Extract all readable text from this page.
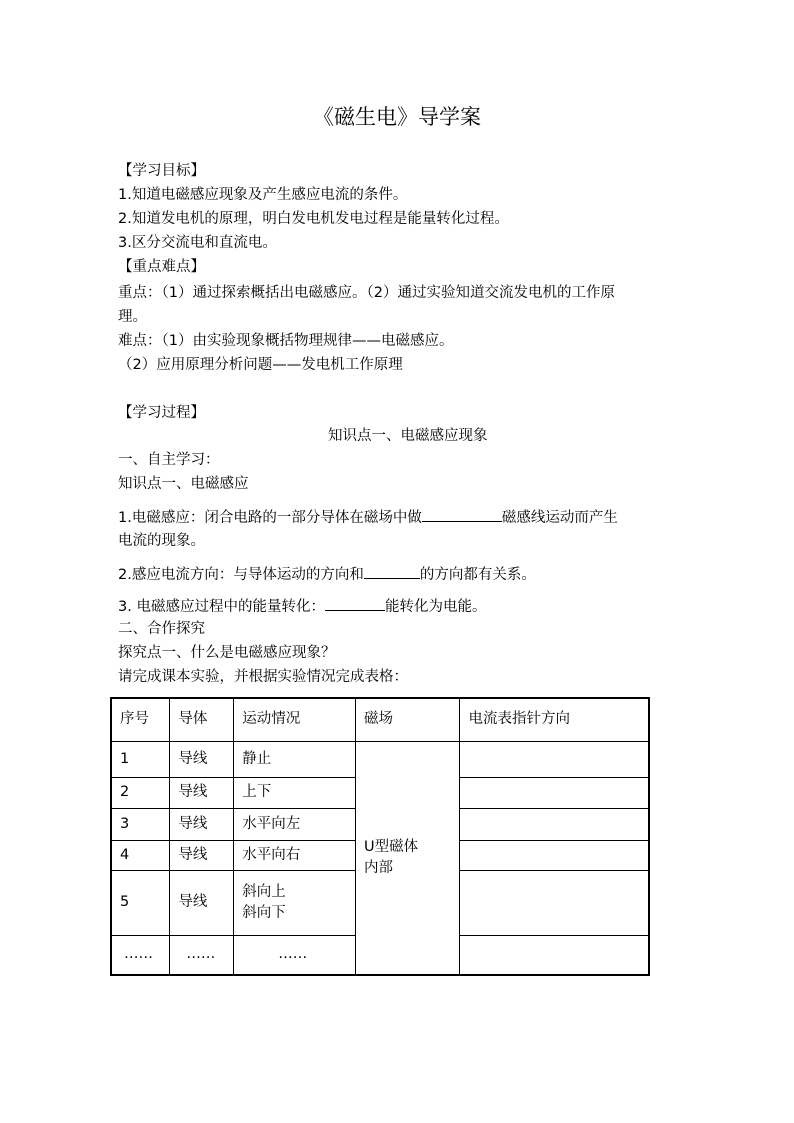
《磁生电》导学案
【学习目标】
1.知道电磁感应现象及产生感应电流的条件。
2.知道发电机的原理，明白发电机发电过程是能量转化过程。
3.区分交流电和直流电。
【重点难点】
重点：（1）通过探索概括出电磁感应。（2）通过实验知道交流发电机的工作原
理。
难点：（1）由实验现象概括物理规律——电磁感应。
（2）应用原理分析问题——发电机工作原理
【学习过程】
知识点一、电磁感应现象
一、自主学习：
知识点一、电磁感应
1.电磁感应：闭合电路的一部分导体在磁场中做	磁感线运动而产生
电流的现象。
2.感应电流方向：与导体运动的方向和	的方向都有关系。
3. 电磁感应过程中的能量转化：	能转化为电能。
二、合作探究
探究点一、什么是电磁感应现象？
请完成课本实验，并根据实验情况完成表格：
序号	导体	运动情况	磁场	电流表指针方向
1	导线	静止	U型磁体
内部	

2	导线	上下		
3	导线	水平向左		
4	导线	水平向右		
5	导线	斜向上
斜向下		

……	……	……		
